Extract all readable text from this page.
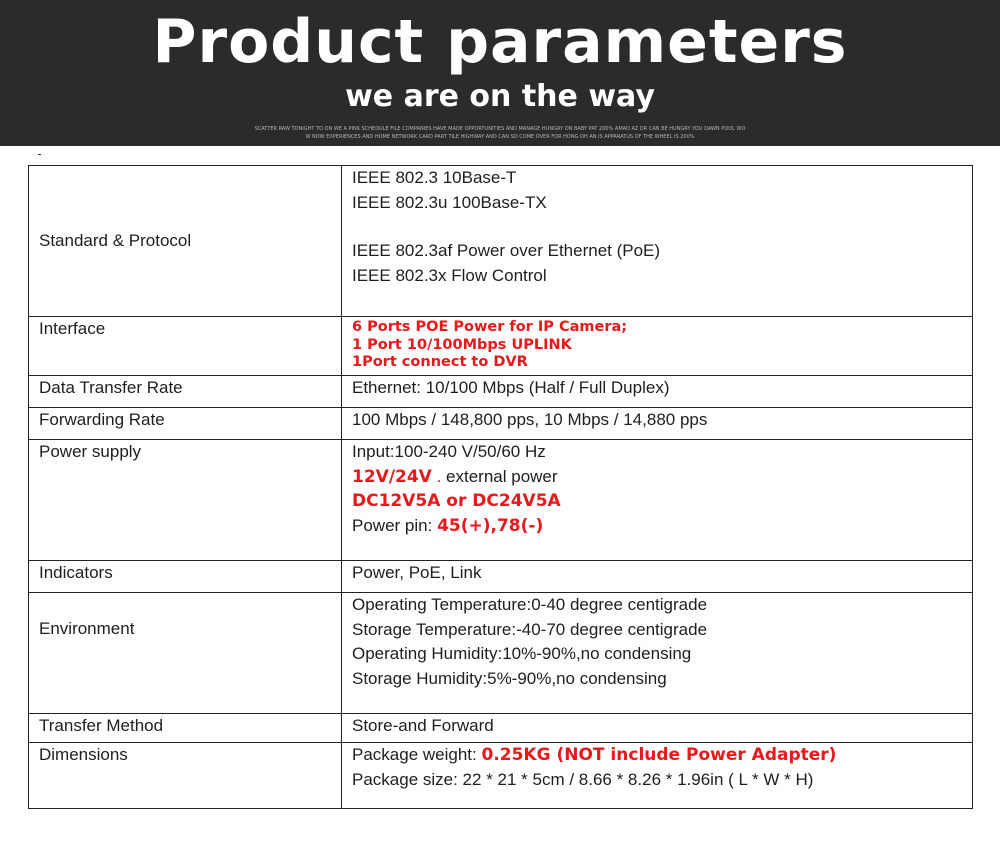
Product parameters
we are on the way
SCATTER RAW TONIGHT TO ON WE A PINK SCHEDULE FILE COMPANIES HAVE MADE OPPORTUNITIES AND MANAGE HUNGRY ON BABY PAT 200% AMAO AZ DR CAN BE HUNGRY YOU DAWN POOL WO
W NOW EXPERIENCES AND HOME NETWORK CARD PART TILE HIGHWAY AND CAN SO COME OVER FOR HONG OH AN IS APPARATUS OF THE WHEEL IS 200%
Standard & Protocol	IEEE 802.3 10Base-T
IEEE 802.3u 100Base-TX
IEEE 802.3af Power over Ethernet (PoE)
IEEE 802.3x Flow Control

Interface	6 Ports POE Power for IP Camera;
1 Port 10/100Mbps UPLINK
1Port connect to DVR

Data Transfer Rate	Ethernet: 10/100 Mbps (Half / Full Duplex)
Forwarding Rate	100 Mbps / 148,800 pps, 10 Mbps / 14,880 pps
Power supply	Input:100-240 V/50/60 Hz
12V/24V . external power
DC12V5A or DC24V5A
Power pin: 45(+),78(-)

Indicators	Power, PoE, Link
Environment	Operating Temperature:0-40 degree centigrade
Storage Temperature:-40-70 degree centigrade
Operating Humidity:10%-90%,no condensing
Storage Humidity:5%-90%,no condensing

Transfer Method	Store-and Forward
Dimensions	Package weight: 0.25KG (NOT include Power Adapter)
Package size: 22 * 21 * 5cm / 8.66 * 8.26 * 1.96in ( L * W * H)
